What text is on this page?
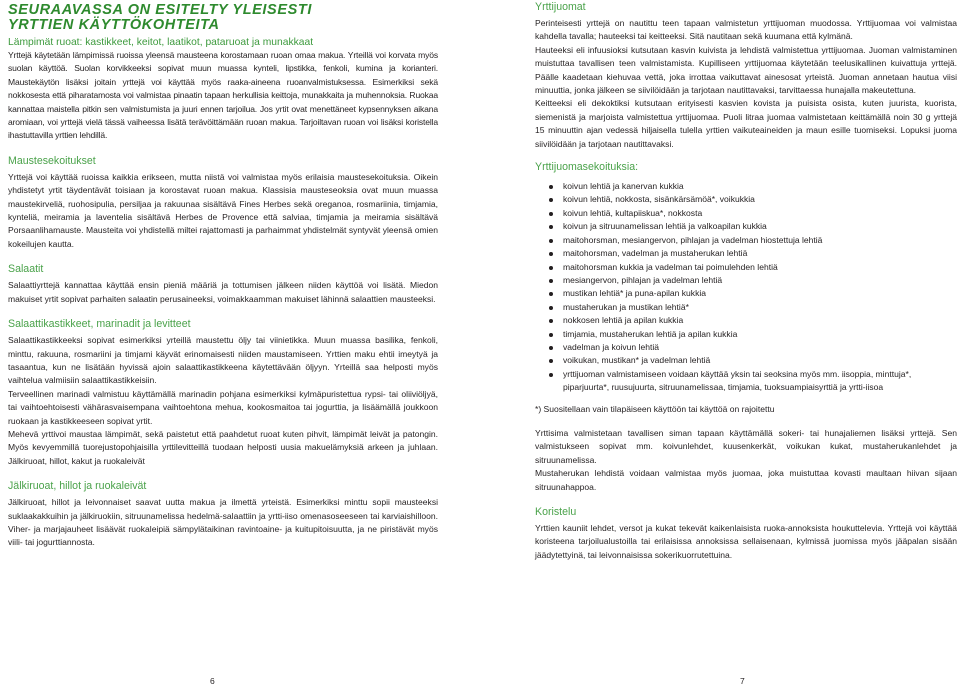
SEURAAVASSA ON ESITELTY YLEISESTI
YRTTIEN KÄYTTÖKOHTEITA
Lämpimät ruoat: kastikkeet, keitot, laatikot, pataruoat ja munakkaat

Yrttejä käytetään lämpimissä ruoissa yleensä mausteena korostamaan ruoan omaa makua. Yrteillä voi korvata myös suolan käyttöä. Suolan korvikkeeksi sopivat muun muassa kynteli, lipstikka, fenkoli, kumina ja korianteri. Maustekäytön lisäksi joitain yrttejä voi käyttää myös raaka-aineena ruoanvalmistuksessa. Esimerkiksi sekä nokkosesta että piharatamosta voi valmistaa pinaatin tapaan herkullisia keittoja, munakkaita ja muhennoksia. Ruokaa kannattaa maistella pitkin sen valmistumista ja juuri ennen tarjoilua. Jos yrtit ovat menettäneet kypsennyksen aikana aromiaan, voi yrttejä vielä tässä vaiheessa lisätä terävöittämään ruoan makua. Tarjoiltavan ruoan voi lisäksi koristella ihastuttavilla yrttien lehdillä.

Maustesekoitukset

Yrttejä voi käyttää ruoissa kaikkia erikseen, mutta niistä voi valmistaa myös erilaisia maustesekoituksia. Oikein yhdistetyt yrtit täydentävät toisiaan ja korostavat ruoan makua. Klassisia mausteseoksia ovat muun muassa maustekirveliä, ruohosipulia, persiljaa ja rakuunaa sisältävä Fines Herbes sekä oreganoa, rosmariinia, timjamia, kynteliä, meiramia ja laventelia sisältävä Herbes de Provence että salviaa, timjamia ja meiramia sisältävä Porsaanlihamauste. Mausteita voi yhdistellä miltei rajattomasti ja parhaimmat yhdistelmät syntyvät yleensä omien kokeilujen kautta.

Salaatit

Salaattiyrttejä kannattaa käyttää ensin pieniä määriä ja tottumisen jälkeen niiden käyttöä voi lisätä. Miedon makuiset yrtit sopivat parhaiten salaatin perusaineeksi, voimakkaamman makuiset lähinnä salaattien mausteeksi.

Salaattikastikkeet, marinadit ja levitteet

Salaattikastikkeeksi sopivat esimerkiksi yrteillä maustettu öljy tai viinietikka. Muun muassa basilika, fenkoli, minttu, rakuuna, rosmariini ja timjami käyvät erinomaisesti niiden maustamiseen. Yrttien maku ehtii imeytyä ja tasaantua, kun ne lisätään hyvissä ajoin salaattikastikkeena käytettävään öljyyn. Yrteillä saa helposti myös vaihtelua valmiisiin salaattikastikkeisiin.

Terveellinen marinadi valmistuu käyttämällä marinadin pohjana esimerkiksi kylmäpuristettua rypsi- tai oliiviöljyä, tai vaihtoehtoisesti vähärasvaisempana vaihtoehtona mehua, kookosmaitoa tai jogurttia, ja lisäämällä joukkoon ruokaan ja kastikkeeseen sopivat yrtit.

Mehevä yrttivoi maustaa lämpimät, sekä paistetut että paahdetut ruoat kuten pihvit, lämpimät leivät ja patongin. Myös kevyemmillä tuorejustopohjaisilla yrttilevitteillä tuodaan helposti uusia makuelämyksiä arkeen ja juhlaan. Jälkiruoat, hillot, kakut ja ruokaleivät

Jälkiruoat, hillot ja ruokaleivät

Jälkiruoat, hillot ja leivonnaiset saavat uutta makua ja ilmettä yrteistä. Esimerkiksi minttu sopii mausteeksi suklaakakkuihin ja jälkiruokiin, sitruunamelissa hedelmä-salaattiin ja yrtti-iiso omenasoseeseen tai karviaishilloon. Viher- ja marjajauheet lisäävät ruokaleipiä sämpylätaikinan ravintoaine- ja kuitupitoisuutta, ja ne piristävät myös viili- tai jogurttiannosta.

6
Yrttijuomat

Perinteisesti yrttejä on nautittu teen tapaan valmistetun yrttijuoman muodossa. Yrttijuomaa voi valmistaa kahdella tavalla; hauteeksi tai keitteeksi. Sitä nautitaan sekä kuumana että kylmänä.

Hauteeksi eli infuusioksi kutsutaan kasvin kuivista ja lehdistä valmistettua yrttijuomaa. Juoman valmistaminen muistuttaa tavallisen teen valmistamista. Kupilliseen yrttijuomaa käytetään teelusikallinen kuivattuja yrttejä. Päälle kaadetaan kiehuvaa vettä, joka irrottaa vaikuttavat ainesosat yrteistä. Juoman annetaan hautua viisi minuuttia, jonka jälkeen se siivilöidään ja tarjotaan nautittavaksi, tarvittaessa hunajalla makeutettuna.

Keitteeksi eli dekoktiksi kutsutaan erityisesti kasvien kovista ja puisista osista, kuten juurista, kuorista, siemenistä ja marjoista valmistettua yrttijuomaa. Puoli litraa juomaa valmistetaan keittämällä noin 30 g yrttejä 15 minuuttin ajan vedessä hiljaisella tulella yrttien vaikuteaineiden ja maun esille tuomiseksi. Lopuksi juoma siivilöidään ja tarjotaan nautittavaksi.

Yrttijuomasekoituksia:
koivun lehtiä ja kanervan kukkia
koivun lehtiä, nokkosta, sisänkärsämöä*, voikukkia
koivun lehtiä, kultapiiskua*, nokkosta
koivun ja sitruunamelissan lehtiä ja valkoapilan kukkia
maitohorsman, mesiangervon, pihlajan ja vadelman hiostettuja lehtiä
maitohorsman, vadelman ja mustaherukan lehtiä
maitohorsman kukkia ja vadelman tai poimulehden lehtiä
mesiangervon, pihlajan ja vadelman lehtiä
mustikan lehtiä* ja puna-apilan kukkia
mustaherukan ja mustikan lehtiä*
nokkosen lehtiä ja apilan kukkia
timjamia, mustaherukan lehtiä ja apilan kukkia
vadelman ja koivun lehtiä
voikukan, mustikan* ja vadelman lehtiä
yrttijuoman valmistamiseen voidaan käyttää yksin tai seoksina myös mm. iisoppia, minttuja*, piparjuurta*, ruusujuurta, sitruunamelissaa, timjamia, tuoksuampiaisyrttiä ja yrtti-iisoa

*) Suositellaan vain tilapäiseen käyttöön tai käyttöä on rajoitettu

Yrttisima valmistetaan tavallisen siman tapaan käyttämällä sokeri- tai hunajaliemen lisäksi yrttejä. Sen valmistukseen sopivat mm. koivunlehdet, kuusenkerkät, voikukan kukat, mustaherukanlehdet ja sitruunamelissa.

Mustaherukan lehdistä voidaan valmistaa myös juomaa, joka muistuttaa kovasti maultaan hiivan sijaan sitruunahappoa.

Koristelu

Yrttien kauniit lehdet, versot ja kukat tekevät kaikenlaisista ruoka-annoksista houkuttelevia. Yrttejä voi käyttää koristeena tarjoilualustoilla tai erilaisissa annoksissa sellaisenaan, kylmissä juomissa myös jääpalan sisään jäädytettyinä, tai leivonnaisissa sokerikuorrutettuina.

7
